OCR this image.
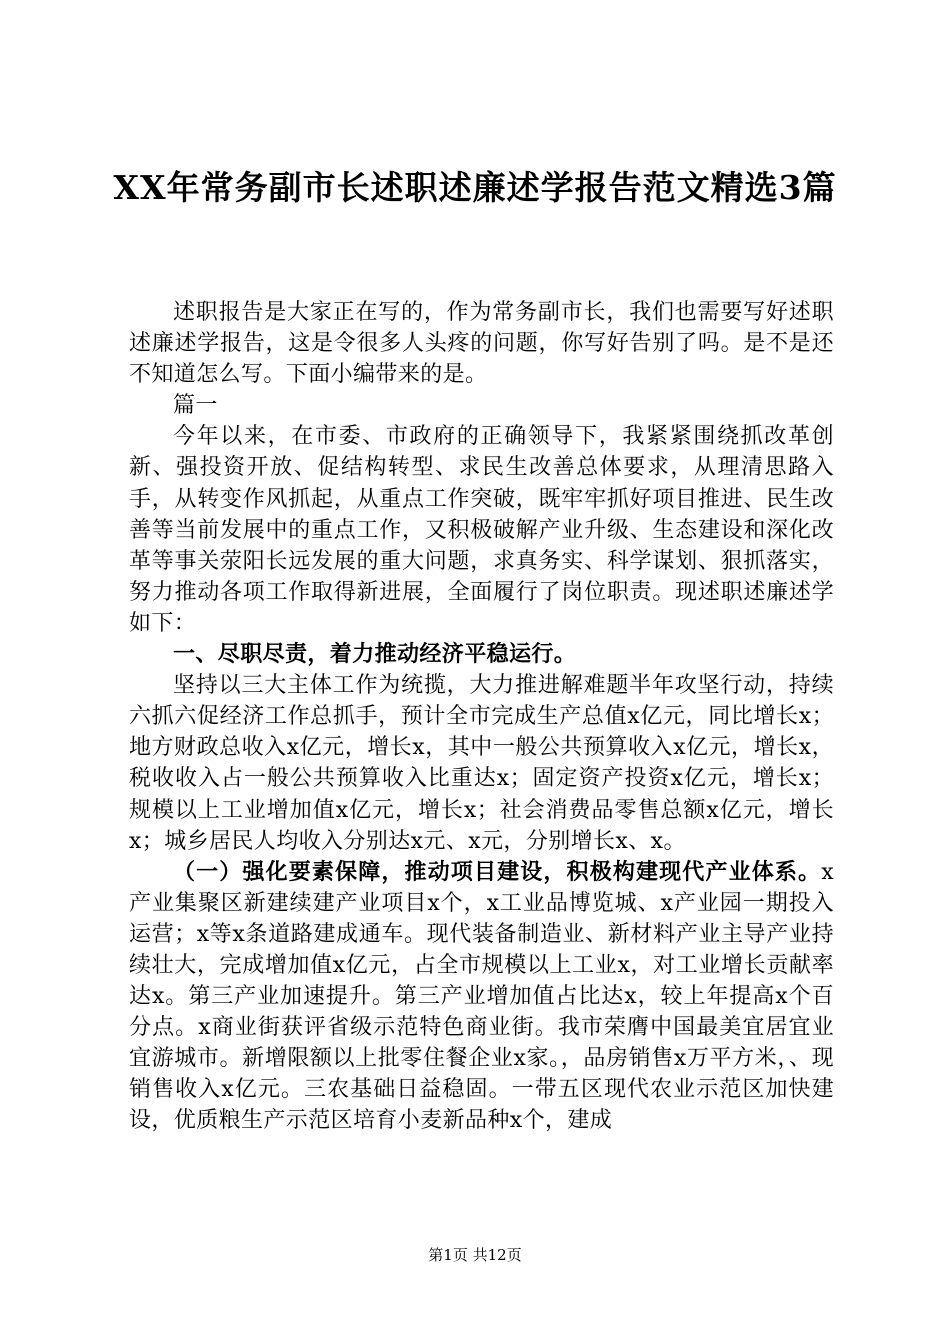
XX年常务副市长述职述廉述学报告范文精选3篇

述职报告是大家正在写的，作为常务副市长，我们也需要写好述职述廉述学报告，这是令很多人头疼的问题，你写好告别了吗。是不是还不知道怎么写。下面小编带来的是。

篇一

今年以来，在市委、市政府的正确领导下，我紧紧围绕抓改革创新、强投资开放、促结构转型、求民生改善总体要求，从理清思路入手，从转变作风抓起，从重点工作突破，既牢牢抓好项目推进、民生改善等当前发展中的重点工作，又积极破解产业升级、生态建设和深化改革等事关荥阳长远发展的重大问题，求真务实、科学谋划、狠抓落实，努力推动各项工作取得新进展，全面履行了岗位职责。现述职述廉述学如下：

一、尽职尽责，着力推动经济平稳运行。

坚持以三大主体工作为统揽，大力推进解难题半年攻坚行动，持续六抓六促经济工作总抓手，预计全市完成生产总值x亿元，同比增长x；地方财政总收入x亿元，增长x，其中一般公共预算收入x亿元，增长x，税收收入占一般公共预算收入比重达x；固定资产投资x亿元，增长x；规模以上工业增加值x亿元，增长x；社会消费品零售总额x亿元，增长x；城乡居民人均收入分别达x元、x元，分别增长x、x。

（一）强化要素保障，推动项目建设，积极构建现代产业体系。x产业集聚区新建续建产业项目x个，x工业品博览城、x产业园一期投入运营；x等x条道路建成通车。现代装备制造业、新材料产业主导产业持续壮大，完成增加值x亿元，占全市规模以上工业x，对工业增长贡献率达x。第三产业加速提升。第三产业增加值占比达x，较上年提高x个百分点。x商业街获评省级示范特色商业街。我市荣膺中国最美宜居宜业宜游城市。新增限额以上批零住餐企业x家。，品房销售x万平方米，、现销售收入x亿元。三农基础日益稳固。一带五区现代农业示范区加快建设，优质粮生产示范区培育小麦新品种x个，建成

第1页 共12页
